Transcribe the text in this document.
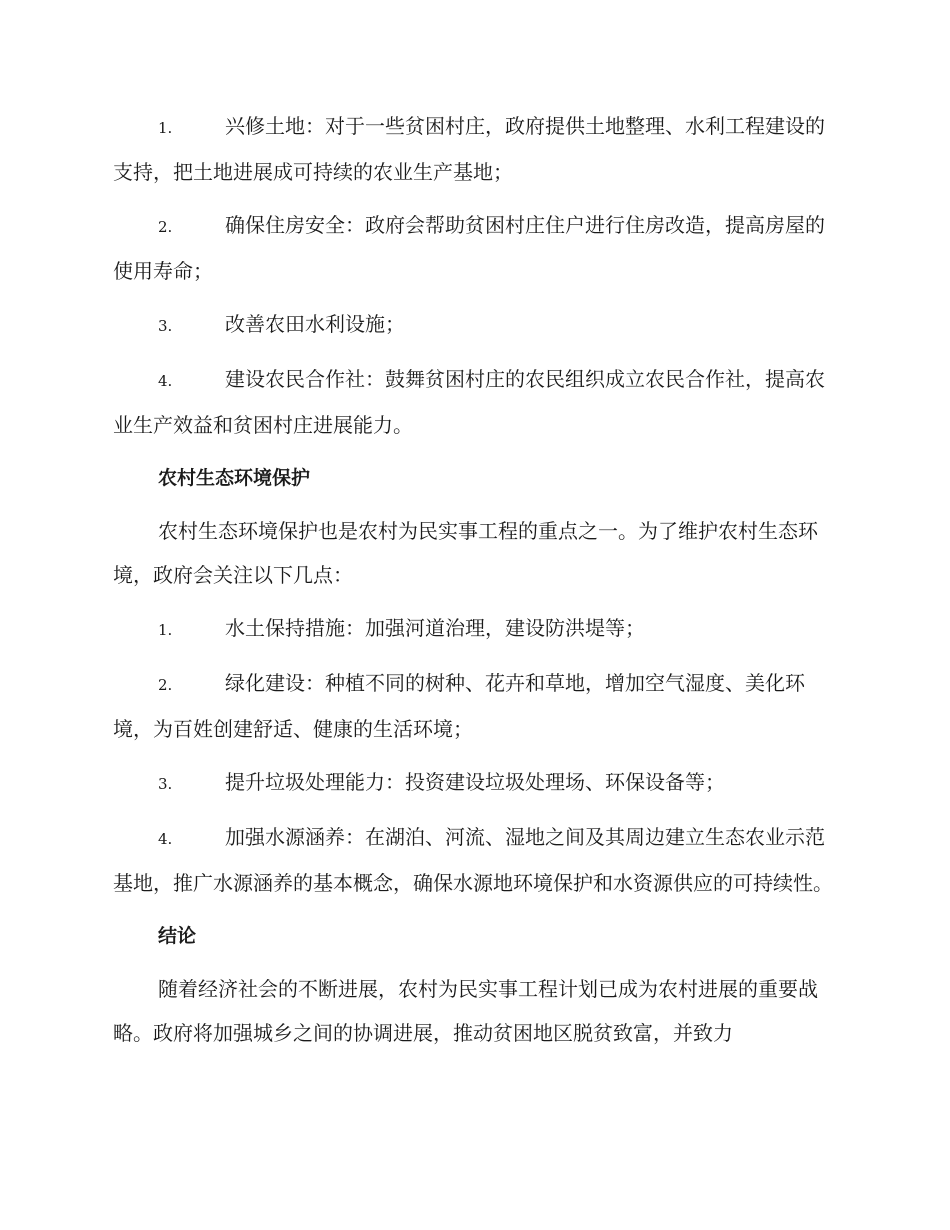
1.	兴修土地：对于一些贫困村庄，政府提供土地整理、水利工程建设的支持，把土地进展成可持续的农业生产基地；
2.	确保住房安全：政府会帮助贫困村庄住户进行住房改造，提高房屋的使用寿命；
3.	改善农田水利设施；
4.	建设农民合作社：鼓舞贫困村庄的农民组织成立农民合作社，提高农业生产效益和贫困村庄进展能力。
农村生态环境保护

农村生态环境保护也是农村为民实事工程的重点之一。为了维护农村生态环境，政府会关注以下几点：

1.	水土保持措施：加强河道治理，建设防洪堤等；
2.	绿化建设：种植不同的树种、花卉和草地，增加空气湿度、美化环境，为百姓创建舒适、健康的生活环境；
3.	提升垃圾处理能力：投资建设垃圾处理场、环保设备等；
4.	加强水源涵养：在湖泊、河流、湿地之间及其周边建立生态农业示范基地，推广水源涵养的基本概念，确保水源地环境保护和水资源供应的可持续性。
结论

随着经济社会的不断进展，农村为民实事工程计划已成为农村进展的重要战略。政府将加强城乡之间的协调进展，推动贫困地区脱贫致富，并致力
